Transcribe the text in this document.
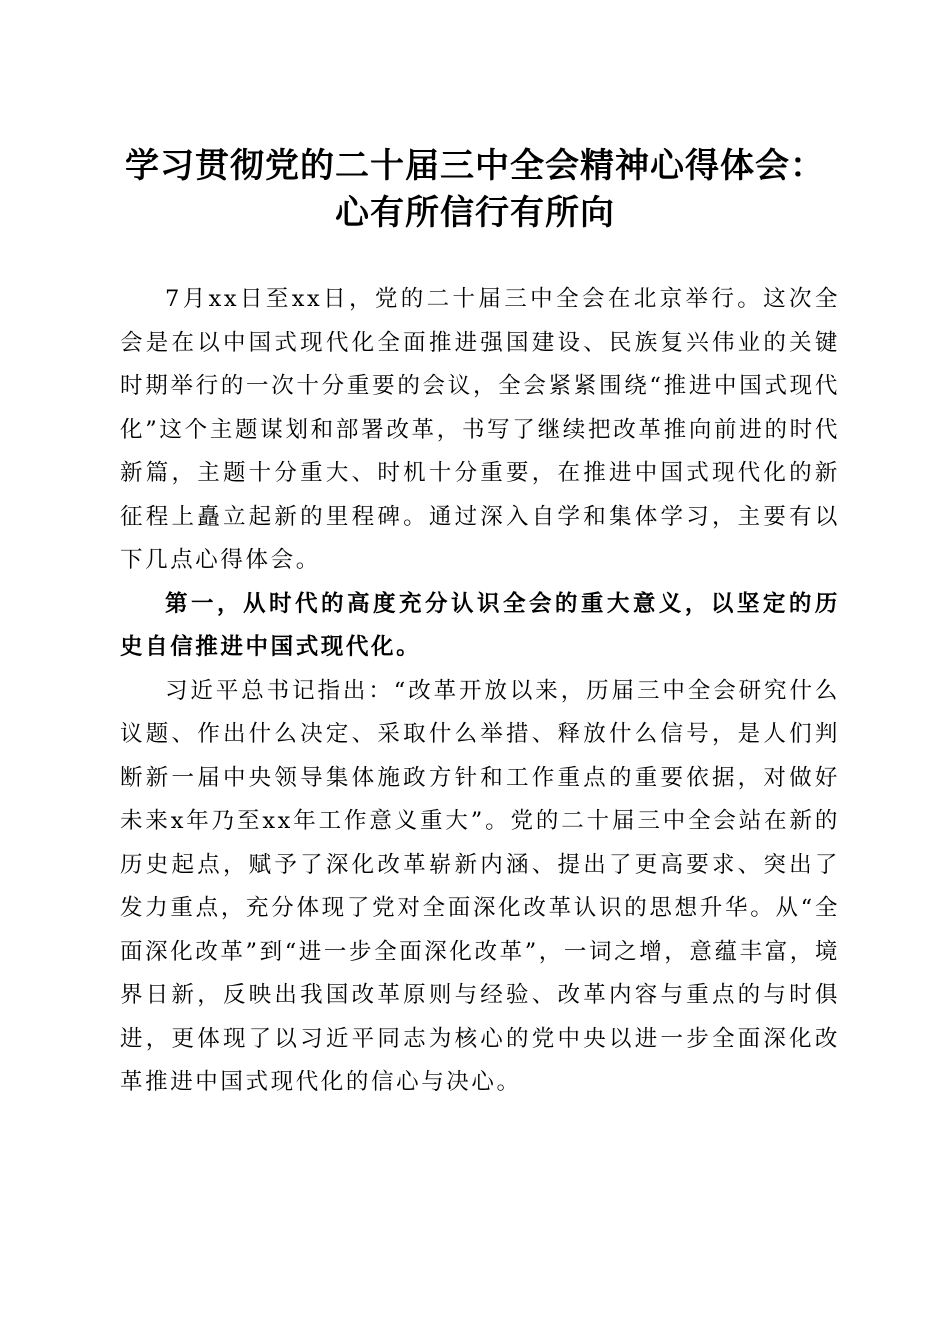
学习贯彻党的二十届三中全会精神心得体会：
心有所信行有所向

7月xx日至xx日，党的二十届三中全会在北京举行。这次全会是在以中国式现代化全面推进强国建设、民族复兴伟业的关键时期举行的一次十分重要的会议，全会紧紧围绕“推进中国式现代化”这个主题谋划和部署改革，书写了继续把改革推向前进的时代新篇，主题十分重大、时机十分重要，在推进中国式现代化的新征程上矗立起新的里程碑。通过深入自学和集体学习，主要有以下几点心得体会。

第一，从时代的高度充分认识全会的重大意义，以坚定的历史自信推进中国式现代化。

习近平总书记指出：“改革开放以来，历届三中全会研究什么议题、作出什么决定、采取什么举措、释放什么信号，是人们判断新一届中央领导集体施政方针和工作重点的重要依据，对做好未来x年乃至xx年工作意义重大”。党的二十届三中全会站在新的历史起点，赋予了深化改革崭新内涵、提出了更高要求、突出了发力重点，充分体现了党对全面深化改革认识的思想升华。从“全面深化改革”到“进一步全面深化改革”，一词之增，意蕴丰富，境界日新，反映出我国改革原则与经验、改革内容与重点的与时俱进，更体现了以习近平同志为核心的党中央以进一步全面深化改革推进中国式现代化的信心与决心。
